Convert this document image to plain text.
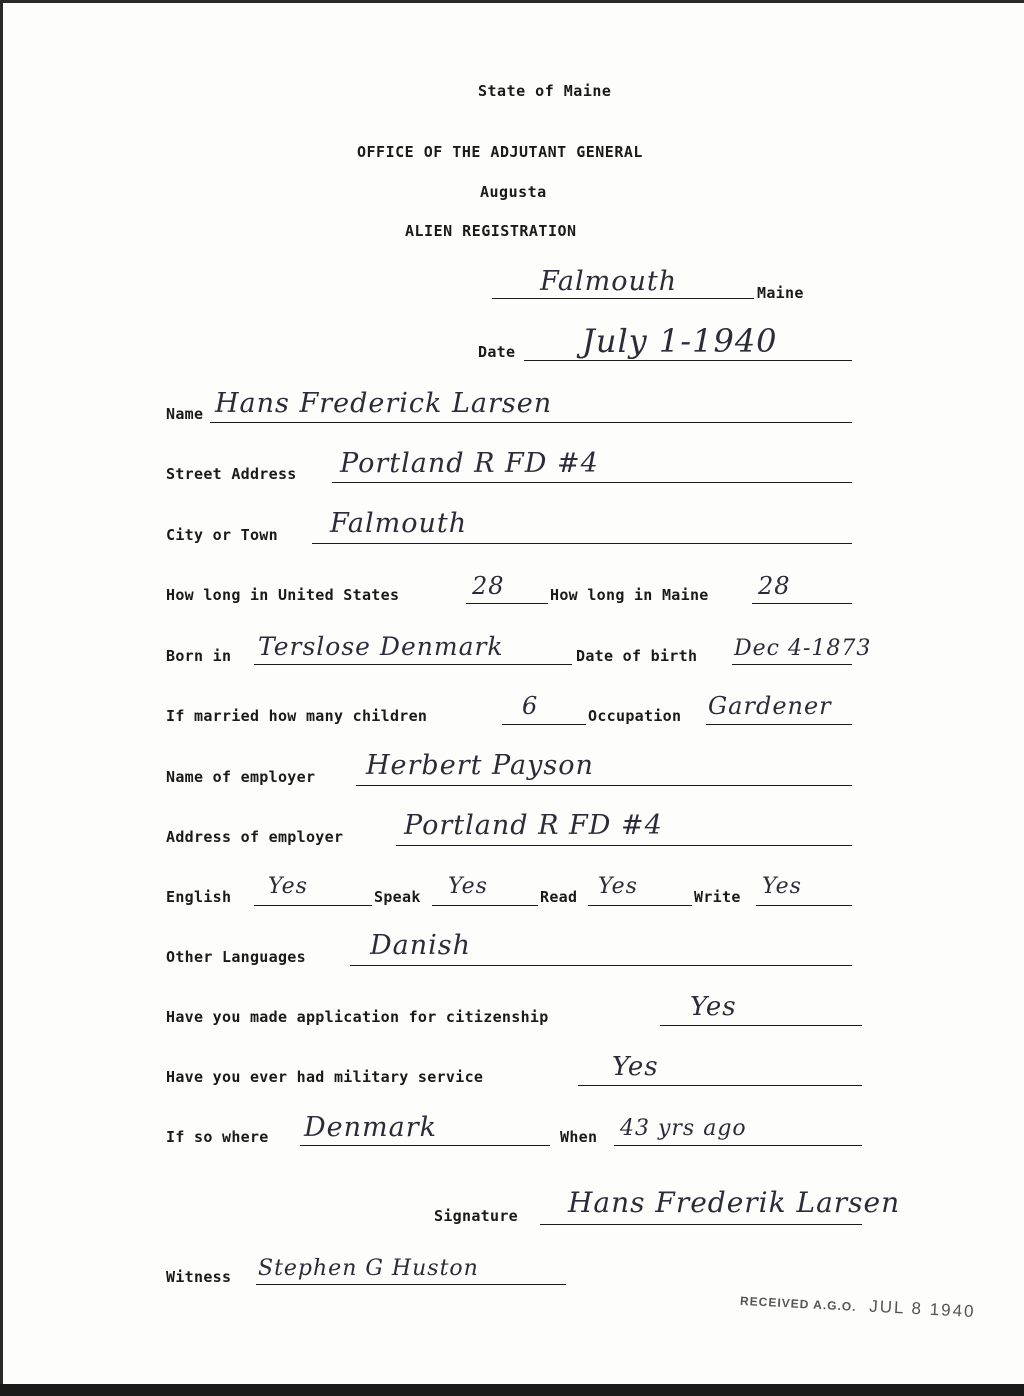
State of Maine
OFFICE OF THE ADJUTANT GENERAL
Augusta
ALIEN REGISTRATION
Falmouth	Maine
Date July 1-1940
Name Hans Frederick Larsen
Street Address Portland R FD #4
City or Town Falmouth
How long in United States	28	How long in Maine 28
Born in Terslose Denmark	Date of birth Dec 4-1873
If married how many children	6	Occupation Gardener
Name of employer Herbert Payson
Address of employer Portland R FD #4
English Yes	Speak Yes	Read Yes	Write Yes
Other Languages Danish
Have you made application for citizenship	Yes
Have you ever had military service	Yes
If so where Denmark	When 43 yrs ago
Signature Hans Frederik Larsen
Witness Stephen G Huston
RECEIVED A.G.O. JUL 8 1940
